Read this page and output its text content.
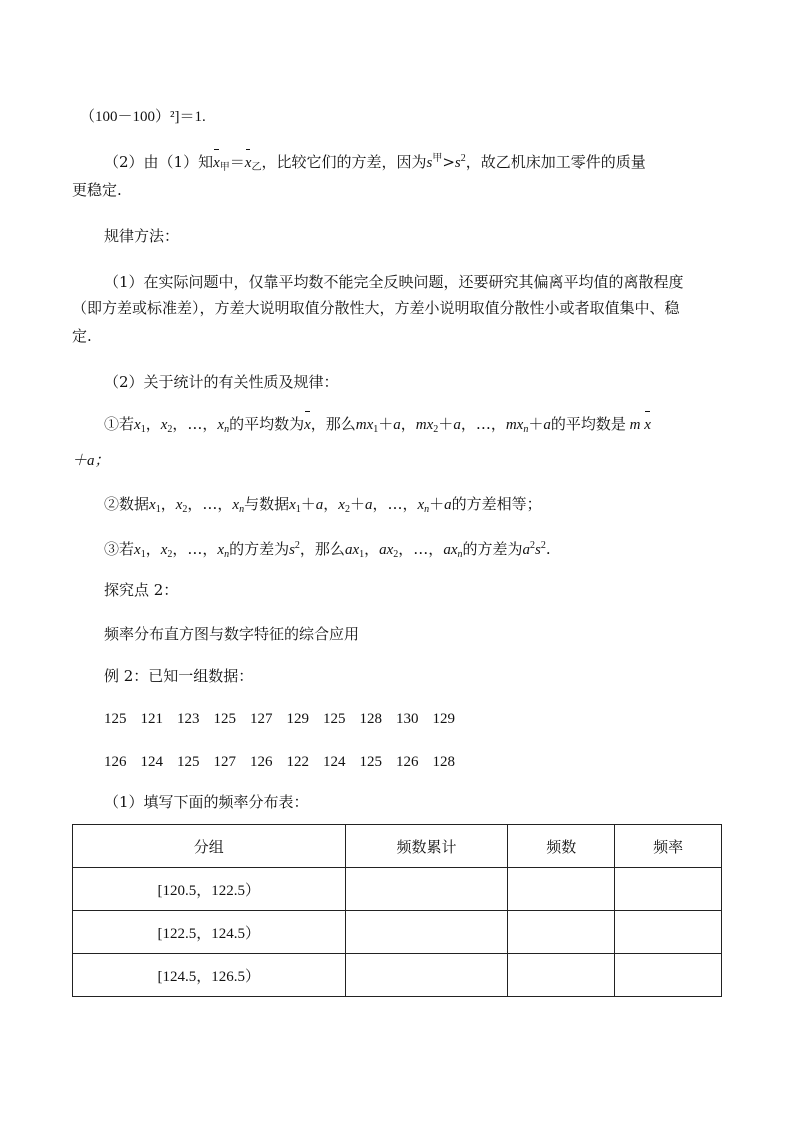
（100－100）²]＝1.
（2）由（1）知$x_甲=x_乙$，比较它们的方差，因为$s^甲>s^2$，故乙机床加工零件的质量
更稳定.
规律方法：
（1）在实际问题中，仅靠平均数不能完全反映问题，还要研究其偏离平均值的离散程度
（即方差或标准差），方差大说明取值分散性大，方差小说明取值分散性小或者取值集中、稳
定.
（2）关于统计的有关性质及规律：
①若$x_1$，$x_2$，…，$x_n$的平均数为x，那么$mx_1+a$，$mx_2+a$，…，$mx_n+a$的平均数是 m x
＋a；
②数据$x_1$，$x_2$，…，$x_n$与数据$x_1+a$，$x_2+a$，…，$x_n+a$的方差相等；
③若$x_1$，$x_2$，…，$x_n$的方差为$s^2$，那么$ax_1$，$ax_2$，…，$ax_n$的方差为$a^2s^2$.
探究点 2：
频率分布直方图与数字特征的综合应用
例 2：已知一组数据：
125 121 123 125 127 129 125 128 130 129
126 124 125 127 126 122 124 125 126 128
（1）填写下面的频率分布表：
分组	频数累计	频数	频率
[120.5，122.5）			
[122.5，124.5）			
[124.5，126.5）			
